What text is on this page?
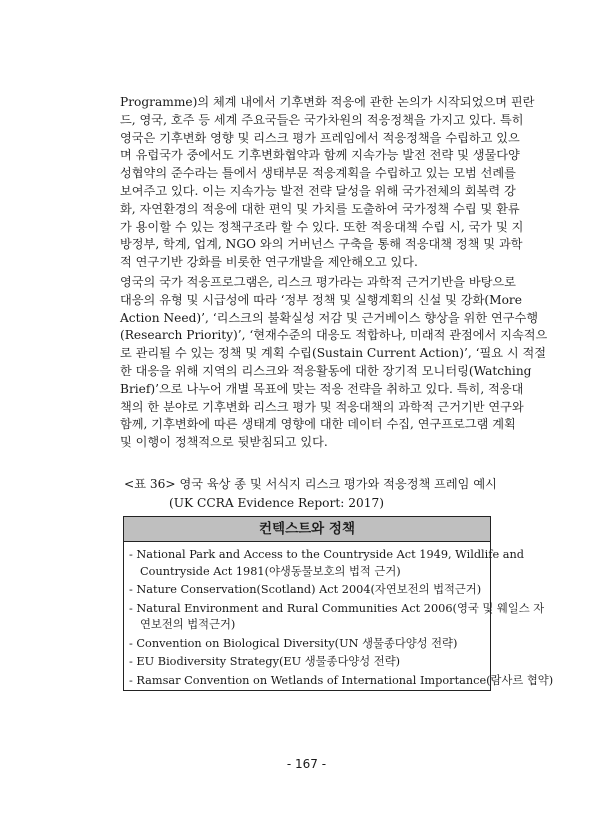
Programme)의 체계 내에서 기후변화 적응에 관한 논의가 시작되었으며 핀란
드, 영국, 호주 등 세계 주요국들은 국가차원의 적응정책을 가지고 있다. 특히
영국은 기후변화 영향 및 리스크 평가 프레임에서 적응정책을 수립하고 있으
며 유럽국가 중에서도 기후변화협약과 함께 지속가능 발전 전략 및 생물다양
성협약의 준수라는 틀에서 생태부문 적응계획을 수립하고 있는 모범 선례를
보여주고 있다. 이는 지속가능 발전 전략 달성을 위해 국가전체의 회복력 강
화, 자연환경의 적응에 대한 편익 및 가치를 도출하여 국가정책 수립 및 환류
가 용이할 수 있는 정책구조라 할 수 있다. 또한 적응대책 수립 시, 국가 및 지
방정부, 학계, 업계, NGO 와의 거버넌스 구축을 통해 적응대책 정책 및 과학
적 연구기반 강화를 비롯한 연구개발을 제안해오고 있다.
영국의 국가 적응프로그램은, 리스크 평가라는 과학적 근거기반을 바탕으로
대응의 유형 및 시급성에 따라 ‘정부 정책 및 실행계획의 신설 및 강화(More
Action Need)’, ‘리스크의 불확실성 저감 및 근거베이스 향상을 위한 연구수행
(Research Priority)’, ‘현재수준의 대응도 적합하나, 미래적 관점에서 지속적으
로 관리될 수 있는 정책 및 계획 수립(Sustain Current Action)’, ‘필요 시 적절
한 대응을 위해 지역의 리스크와 적응활동에 대한 장기적 모니터링(Watching
Brief)’으로 나누어 개별 목표에 맞는 적응 전략을 취하고 있다. 특히, 적응대
책의 한 분야로 기후변화 리스크 평가 및 적응대책의 과학적 근거기반 연구와
함께, 기후변화에 따른 생태계 영향에 대한 데이터 수집, 연구프로그램 계획
및 이행이 정책적으로 뒷받침되고 있다.
<표 36> 영국 육상 종 및 서식지 리스크 평가와 적응정책 프레임 예시
(UK CCRA Evidence Report: 2017)
컨텍스트와 정책
- National Park and Access to the Countryside Act 1949, Wildlife and
Countryside Act 1981(야생동물보호의 법적 근거)
- Nature Conservation(Scotland) Act 2004(자연보전의 법적근거)
- Natural Environment and Rural Communities Act 2006(영국 및 웨일스 자
연보전의 법적근거)
- Convention on Biological Diversity(UN 생물종다양성 전략)
- EU Biodiversity Strategy(EU 생물종다양성 전략)
- Ramsar Convention on Wetlands of International Importance(람사르 협약)
- 167 -
